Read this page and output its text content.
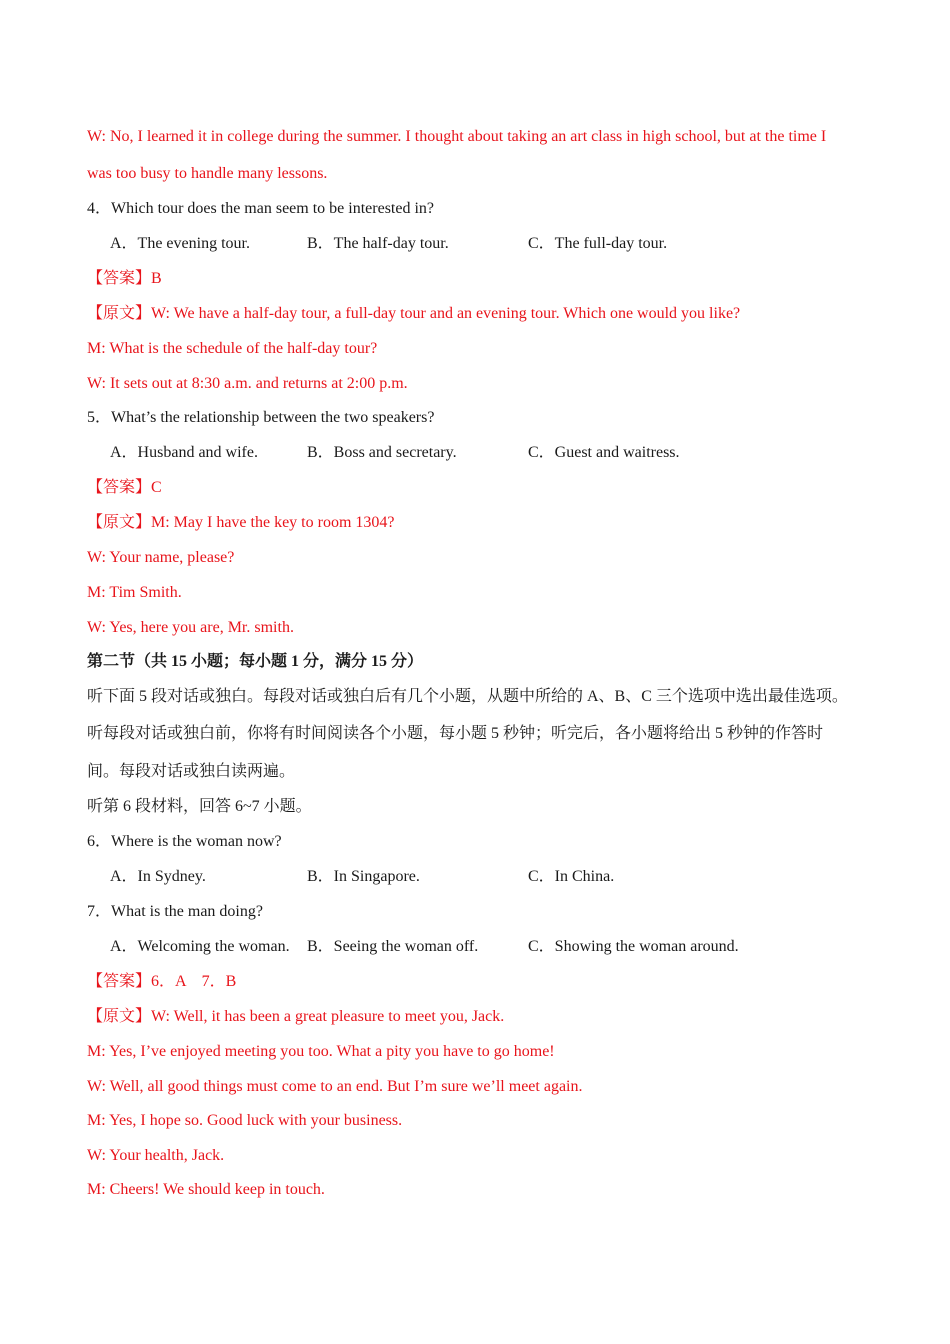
W: No, I learned it in college during the summer. I thought about taking an art class in high school, but at the time I
was too busy to handle many lessons.
4．Which tour does the man seem to be interested in?
A．The evening tour.	B．The half-day tour.	C．The full-day tour.
【答案】B
【原文】W: We have a half-day tour, a full-day tour and an evening tour. Which one would you like?
M: What is the schedule of the half-day tour?
W: It sets out at 8:30 a.m. and returns at 2:00 p.m.
5．What’s the relationship between the two speakers?
A．Husband and wife.	B．Boss and secretary.	C．Guest and waitress.
【答案】C
【原文】M: May I have the key to room 1304?
W: Your name, please?
M: Tim Smith.
W: Yes, here you are, Mr. smith.
第二节（共 15 小题；每小题 1 分，满分 15 分）
听下面 5 段对话或独白。每段对话或独白后有几个小题，从题中所给的 A、B、C 三个选项中选出最佳选项。
听每段对话或独白前，你将有时间阅读各个小题，每小题 5 秒钟；听完后，各小题将给出 5 秒钟的作答时
间。每段对话或独白读两遍。
听第 6 段材料，回答 6~7 小题。
6．Where is the woman now?
A．In Sydney.	B．In Singapore.	C．In China.
7．What is the man doing?
A．Welcoming the woman. B．Seeing the woman off.	C．Showing the woman around.
【答案】6．A　7．B
【原文】W: Well, it has been a great pleasure to meet you, Jack.
M: Yes, I’ve enjoyed meeting you too. What a pity you have to go home!
W: Well, all good things must come to an end. But I’m sure we’ll meet again.
M: Yes, I hope so. Good luck with your business.
W: Your health, Jack.
M: Cheers! We should keep in touch.
